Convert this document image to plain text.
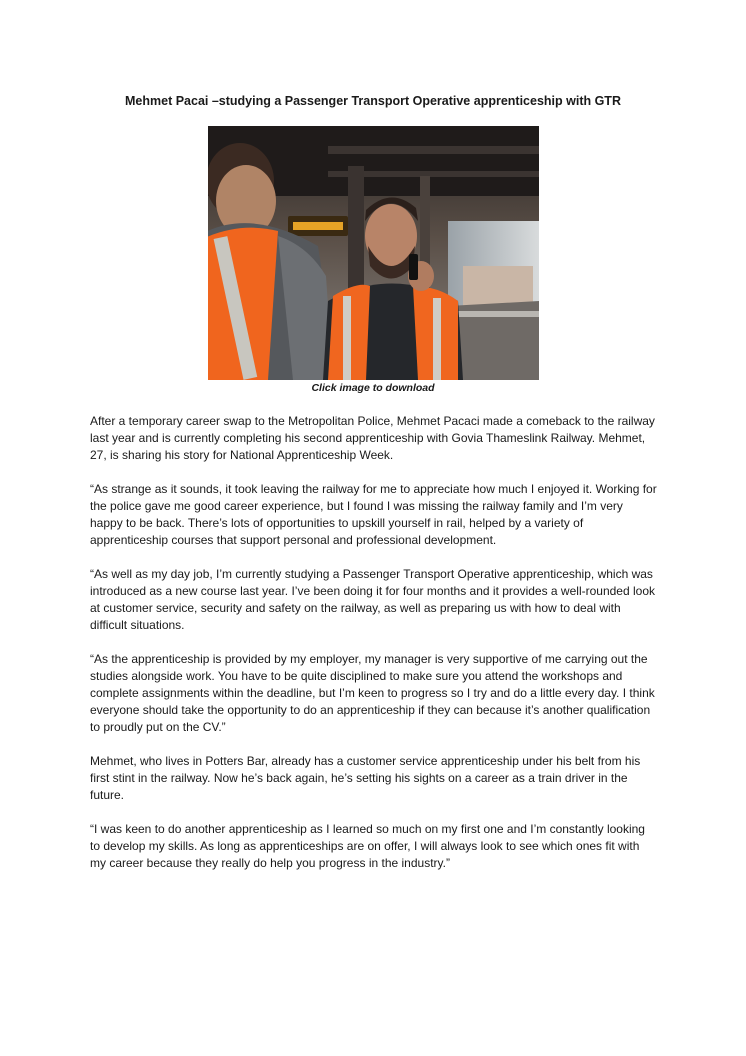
Mehmet Pacai –studying a Passenger Transport Operative apprenticeship with GTR
Click image to download

After a temporary career swap to the Metropolitan Police, Mehmet Pacaci made a comeback to the railway last year and is currently completing his second apprenticeship with Govia Thameslink Railway. Mehmet, 27, is sharing his story for National Apprenticeship Week.

“As strange as it sounds, it took leaving the railway for me to appreciate how much I enjoyed it. Working for the police gave me good career experience, but I found I was missing the railway family and I’m very happy to be back. There’s lots of opportunities to upskill yourself in rail, helped by a variety of apprenticeship courses that support personal and professional development.

“As well as my day job, I’m currently studying a Passenger Transport Operative apprenticeship, which was introduced as a new course last year. I’ve been doing it for four months and it provides a well-rounded look at customer service, security and safety on the railway, as well as preparing us with how to deal with difficult situations.

“As the apprenticeship is provided by my employer, my manager is very supportive of me carrying out the studies alongside work. You have to be quite disciplined to make sure you attend the workshops and complete assignments within the deadline, but I’m keen to progress so I try and do a little every day. I think everyone should take the opportunity to do an apprenticeship if they can because it’s another qualification to proudly put on the CV.”

Mehmet, who lives in Potters Bar, already has a customer service apprenticeship under his belt from his first stint in the railway. Now he’s back again, he’s setting his sights on a career as a train driver in the future.

“I was keen to do another apprenticeship as I learned so much on my first one and I’m constantly looking to develop my skills. As long as apprenticeships are on offer, I will always look to see which ones fit with my career because they really do help you progress in the industry.”
